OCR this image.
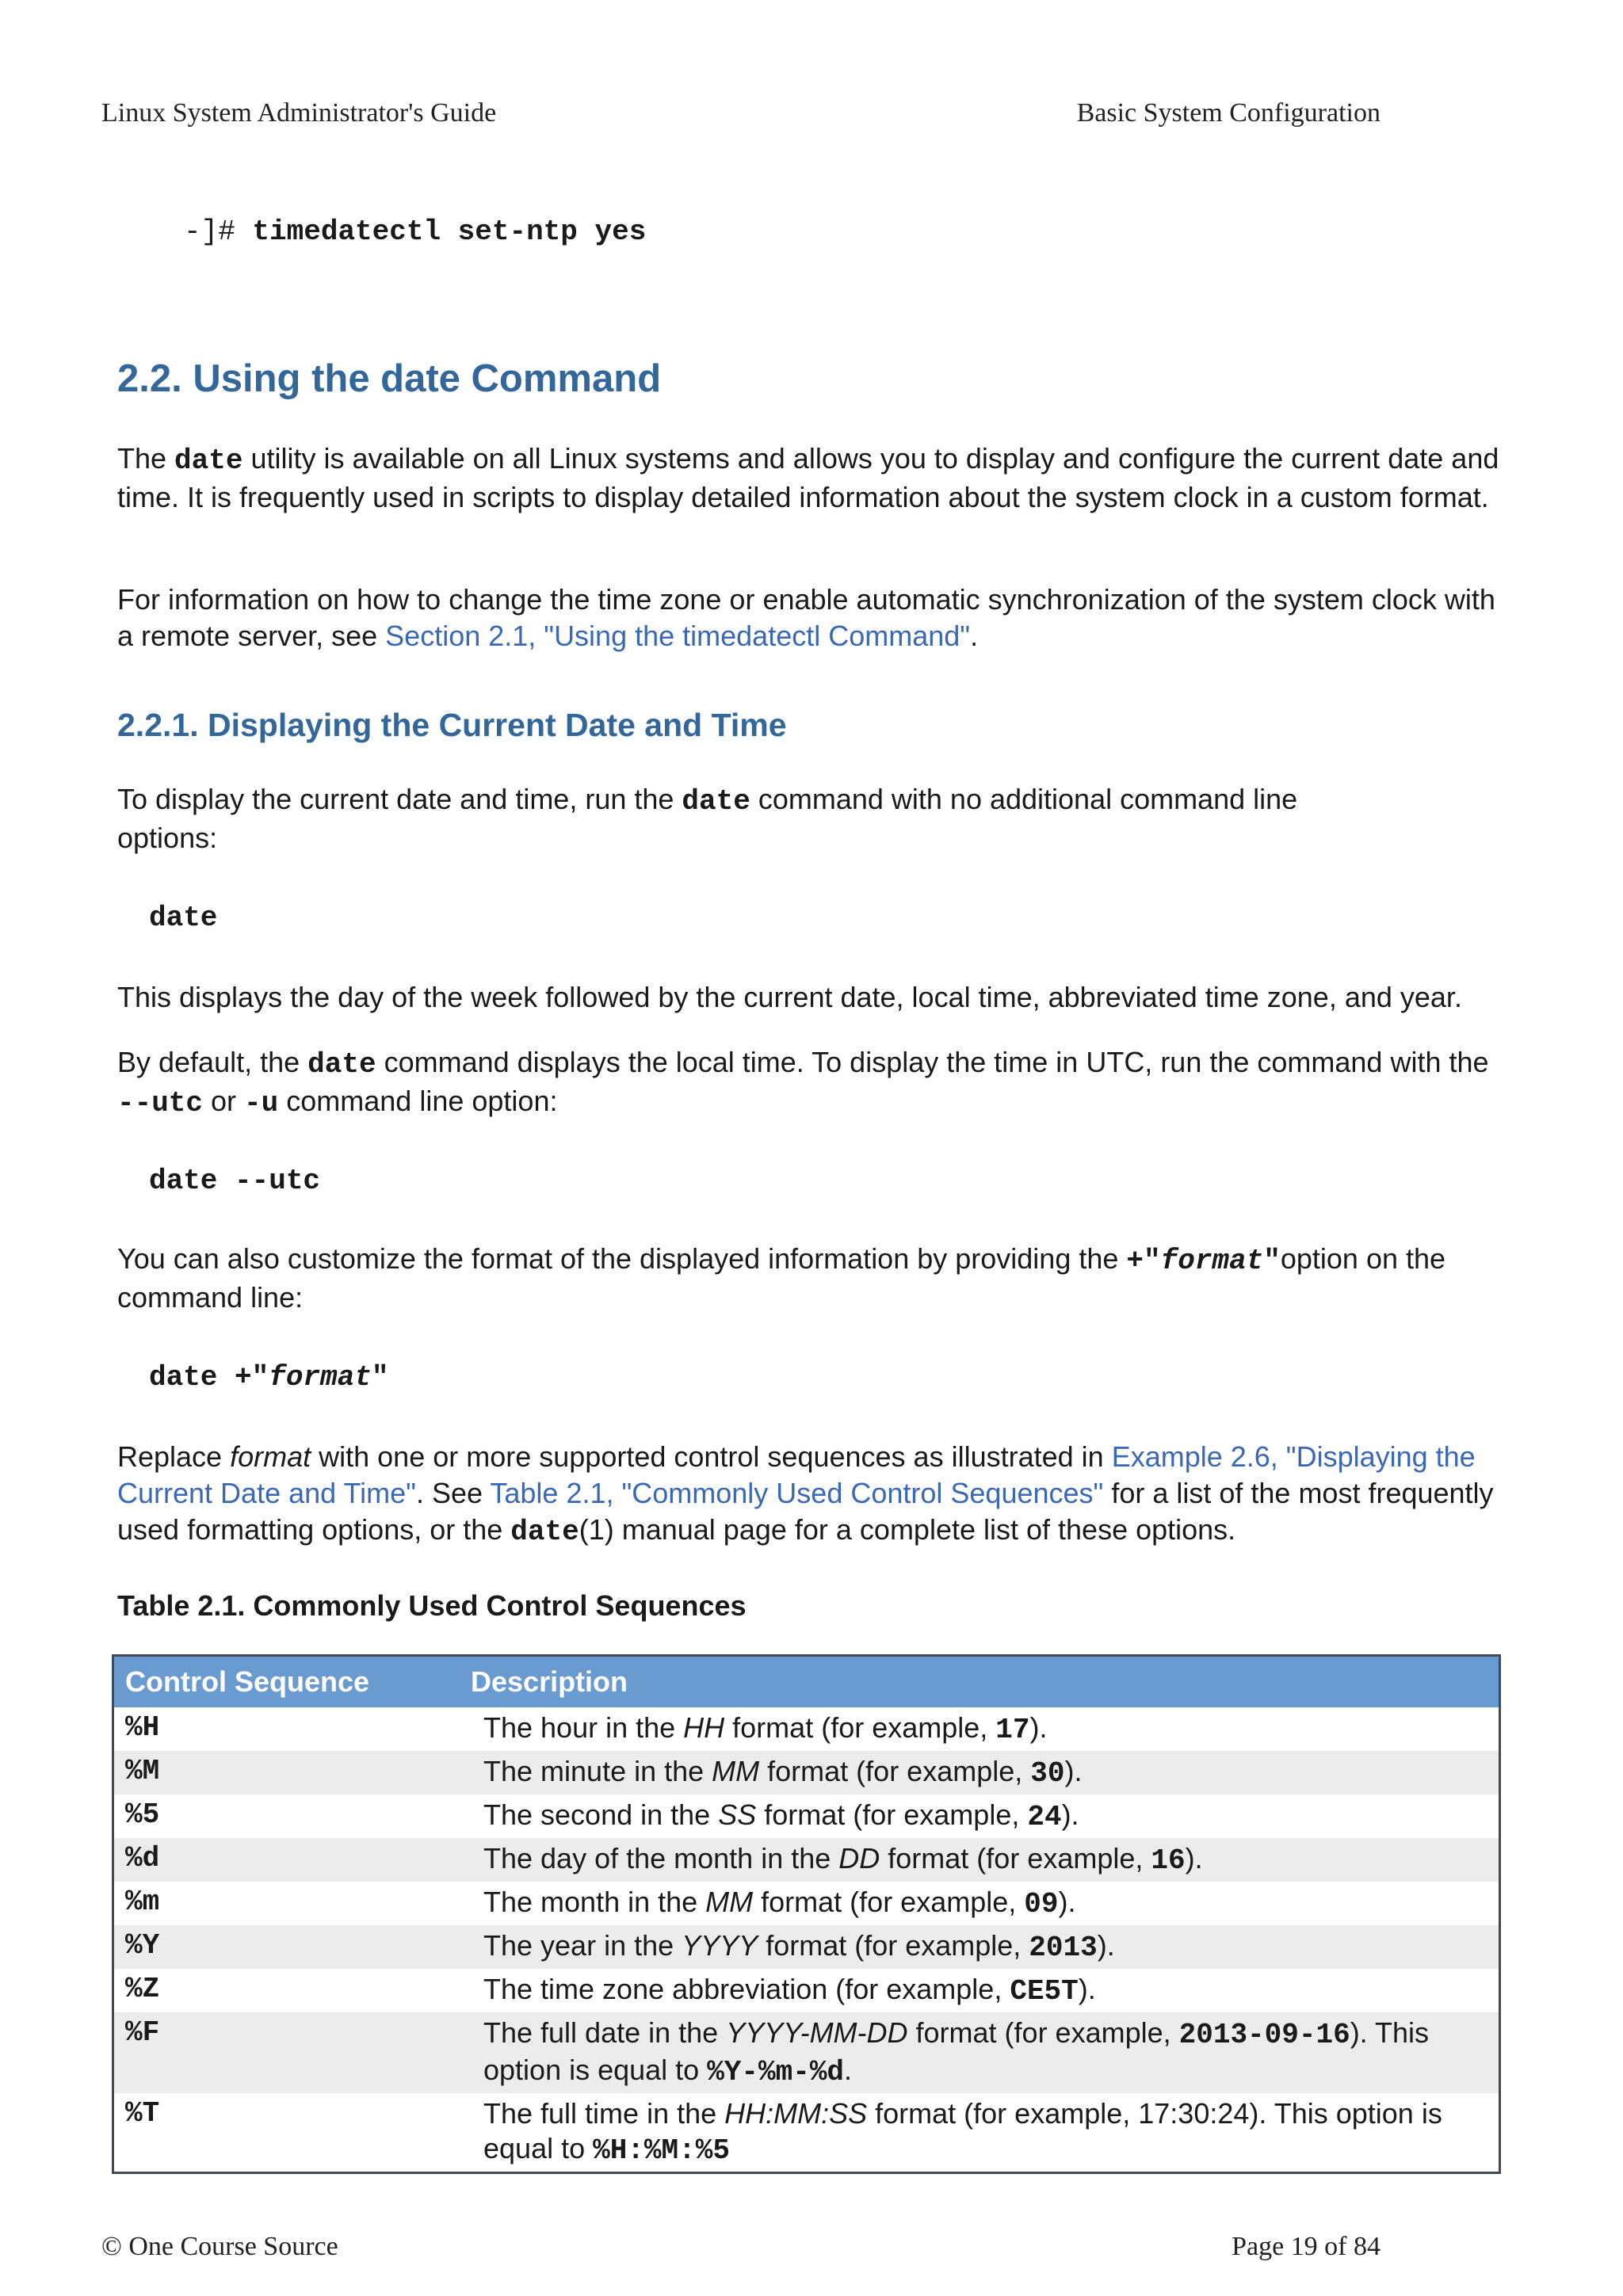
Linux System Administrator's Guide	Basic System Configuration
-]# timedatectl set-ntp yes
2.2. Using the date Command

The date utility is available on all Linux systems and allows you to display and configure the current date and time. It is frequently used in scripts to display detailed information about the system clock in a custom format.

For information on how to change the time zone or enable automatic synchronization of the system clock with a remote server, see Section 2.1, "Using the timedatectl Command".

2.2.1. Displaying the Current Date and Time

To display the current date and time, run the date command with no additional command line options:

date

This displays the day of the week followed by the current date, local time, abbreviated time zone, and year.

By default, the date command displays the local time. To display the time in UTC, run the command with the --utc or -u command line option:

date --utc

You can also customize the format of the displayed information by providing the +"format"option on the command line:

date +"format"

Replace format with one or more supported control sequences as illustrated in Example 2.6, "Displaying the Current Date and Time". See Table 2.1, "Commonly Used Control Sequences" for a list of the most frequently used formatting options, or the date(1) manual page for a complete list of these options.

Table 2.1. Commonly Used Control Sequences
Control Sequence	Description
%H	The hour in the HH format (for example, 17).
%M	The minute in the MM format (for example, 30).
%5	The second in the SS format (for example, 24).
%d	The day of the month in the DD format (for example, 16).
%m	The month in the MM format (for example, 09).
%Y	The year in the YYYY format (for example, 2013).
%Z	The time zone abbreviation (for example, CE5T).
%F	The full date in the YYYY-MM-DD format (for example, 2013-09-16). This option is equal to %Y-%m-%d.
%T	The full time in the HH:MM:SS format (for example, 17:30:24). This option is equal to %H:%M:%5
© One Course Source	Page 19 of 84
